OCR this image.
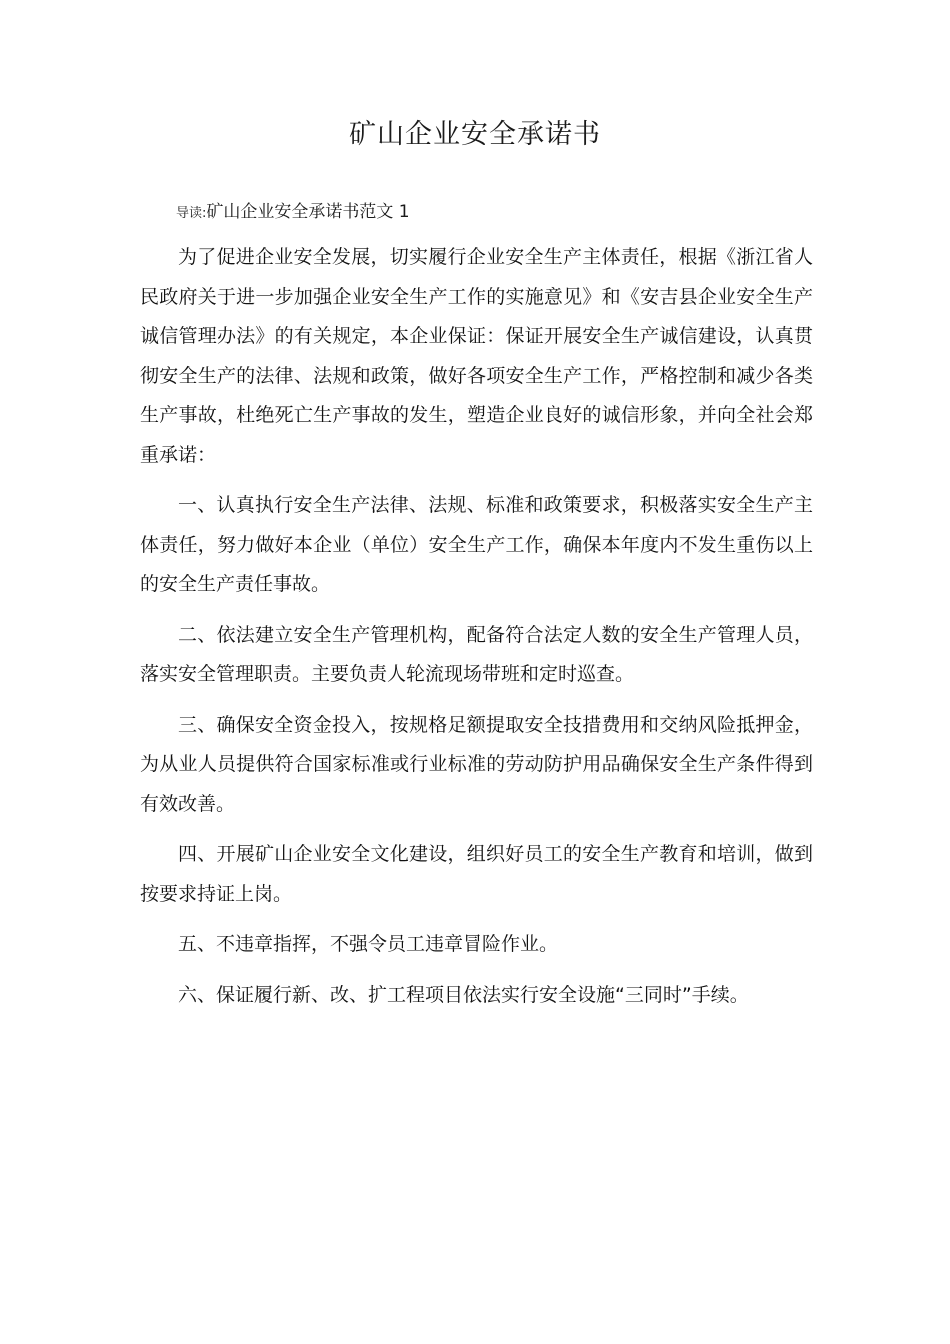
矿山企业安全承诺书
导读:矿山企业安全承诺书范文 1

为了促进企业安全发展，切实履行企业安全生产主体责任，根据《浙江省人民政府关于进一步加强企业安全生产工作的实施意见》和《安吉县企业安全生产诚信管理办法》的有关规定，本企业保证：保证开展安全生产诚信建设，认真贯彻安全生产的法律、法规和政策，做好各项安全生产工作，严格控制和减少各类生产事故，杜绝死亡生产事故的发生，塑造企业良好的诚信形象，并向全社会郑重承诺：

一、认真执行安全生产法律、法规、标准和政策要求，积极落实安全生产主体责任，努力做好本企业（单位）安全生产工作，确保本年度内不发生重伤以上的安全生产责任事故。

二、依法建立安全生产管理机构，配备符合法定人数的安全生产管理人员，落实安全管理职责。主要负责人轮流现场带班和定时巡查。

三、确保安全资金投入，按规格足额提取安全技措费用和交纳风险抵押金，为从业人员提供符合国家标准或行业标准的劳动防护用品确保安全生产条件得到有效改善。

四、开展矿山企业安全文化建设，组织好员工的安全生产教育和培训，做到按要求持证上岗。

五、不违章指挥，不强令员工违章冒险作业。

六、保证履行新、改、扩工程项目依法实行安全设施“三同时”手续。
